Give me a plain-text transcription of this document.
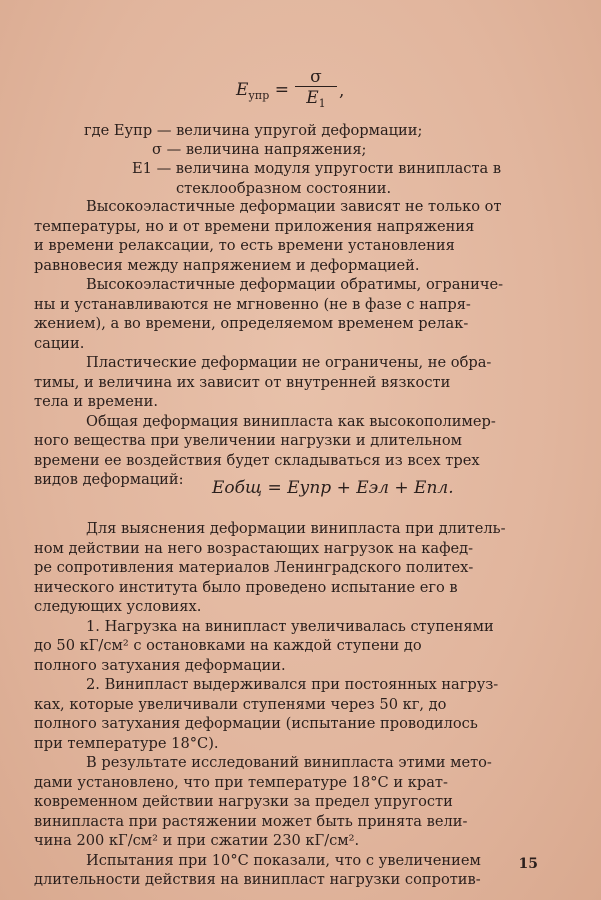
$E_{упр} = \frac{\sigma}{E_1}$ ,
где Eупр — величина упругой деформации;
σ — величина напряжения;
E1 — величина модуля упругости винипласта в
стеклообразном состоянии.

Высокоэластичные деформации зависят не только от
температуры, но и от времени приложения напряжения
и времени релаксации, то есть времени установления
равновесия между напряжением и деформацией.

Высокоэластичные деформации обратимы, ограниче-
ны и устанавливаются не мгновенно (не в фазе с напря-
жением), а во времени, определяемом временем релак-
сации.

Пластические деформации не ограничены, не обра-
тимы, и величина их зависит от внутренней вязкости
тела и времени.

Общая деформация винипласта как высокополимер-
ного вещества при увеличении нагрузки и длительном
времени ее воздействия будет складываться из всех трех
видов деформаций:	Eобщ = Eупр + Eэл + Eпл.

Для выяснения деформации винипласта при длитель-
ном действии на него возрастающих нагрузок на кафед-
ре сопротивления материалов Ленинградского политех-
нического института было проведено испытание его в
следующих условиях.

1. Нагрузка на винипласт увеличивалась ступенями
до 50 кГ/см² с остановками на каждой ступени до
полного затухания деформации.

2. Винипласт выдерживался при постоянных нагруз-
ках, которые увеличивали ступенями через 50 кг, до
полного затухания деформации (испытание проводилось
при температуре 18°С).

В результате исследований винипласта этими мето-
дами установлено, что при температуре 18°С и крат-
ковременном действии нагрузки за предел упругости
винипласта при растяжении может быть принята вели-
чина 200 кГ/см² и при сжатии 230 кГ/см².

Испытания при 10°С показали, что с увеличением
длительности действия на винипласт нагрузки сопротив-

15
